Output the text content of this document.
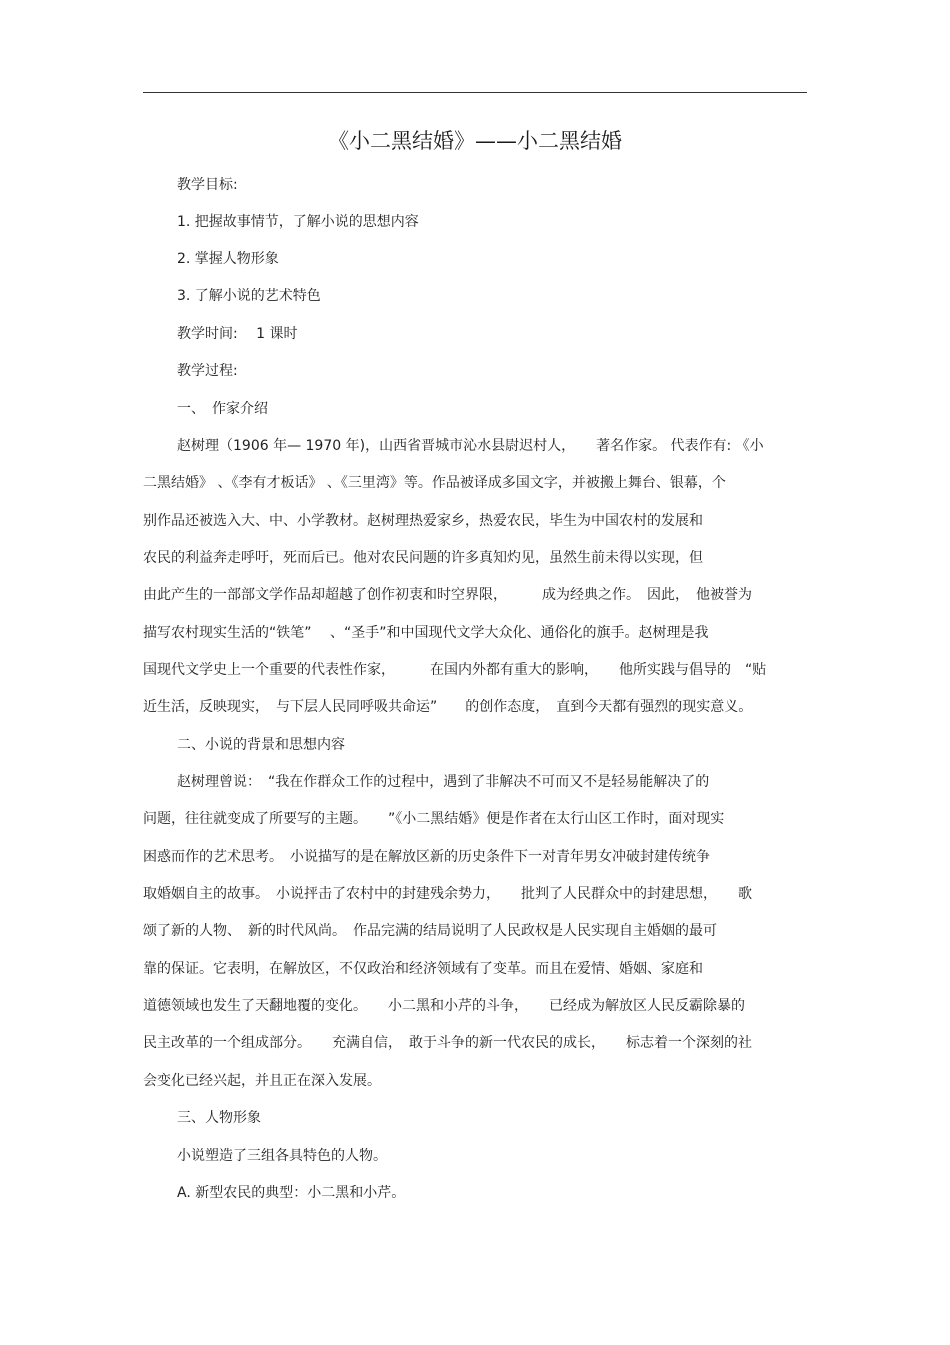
《小二黑结婚》——小二黑结婚
教学目标:
1. 把握故事情节，了解小说的思想内容
2. 掌握人物形象
3. 了解小说的艺术特色
教学时间:　 1 课时
教学过程:
一、　作家介绍
赵树理（1906 年— 1970 年)，山西省晋城市沁水县尉迟村人，　　著名作家。 代表作有: 《小
二黑结婚》 、《李有才板话》 、《三里湾》等。作品被译成多国文字，并被搬上舞台、银幕，个
别作品还被选入大、中、小学教材。赵树理热爱家乡，热爱农民，毕生为中国农村的发展和
农民的利益奔走呼吁，死而后已。他对农民问题的许多真知灼见，虽然生前未得以实现，但
由此产生的一部部文学作品却超越了创作初衷和时空界限，　　　成为经典之作。　因此，　他被誉为
描写农村现实生活的“铁笔”　 、“圣手”和中国现代文学大众化、通俗化的旗手。赵树理是我
国现代文学史上一个重要的代表性作家，　　　在国内外都有重大的影响，　　他所实践与倡导的　“贴
近生活，反映现实，　与下层人民同呼吸共命运”　　的创作态度，　直到今天都有强烈的现实意义。
二、小说的背景和思想内容
赵树理曾说：　“我在作群众工作的过程中，遇到了非解决不可而又不是轻易能解决了的
问题，往往就变成了所要写的主题。　　”《小二黑结婚》便是作者在太行山区工作时，面对现实
困惑而作的艺术思考。　小说描写的是在解放区新的历史条件下一对青年男女冲破封建传统争
取婚姻自主的故事。　小说抨击了农村中的封建残余势力，　　批判了人民群众中的封建思想，　　歌
颂了新的人物、　新的时代风尚。　作品完满的结局说明了人民政权是人民实现自主婚姻的最可
靠的保证。它表明，在解放区，不仅政治和经济领域有了变革。而且在爱情、婚姻、家庭和
道德领域也发生了天翻地覆的变化。　　小二黑和小芹的斗争，　　已经成为解放区人民反霸除暴的
民主改革的一个组成部分。　　充满自信，　敢于斗争的新一代农民的成长，　　标志着一个深刻的社
会变化已经兴起，并且正在深入发展。
三、人物形象
小说塑造了三组各具特色的人物。
A. 新型农民的典型：小二黑和小芹。
